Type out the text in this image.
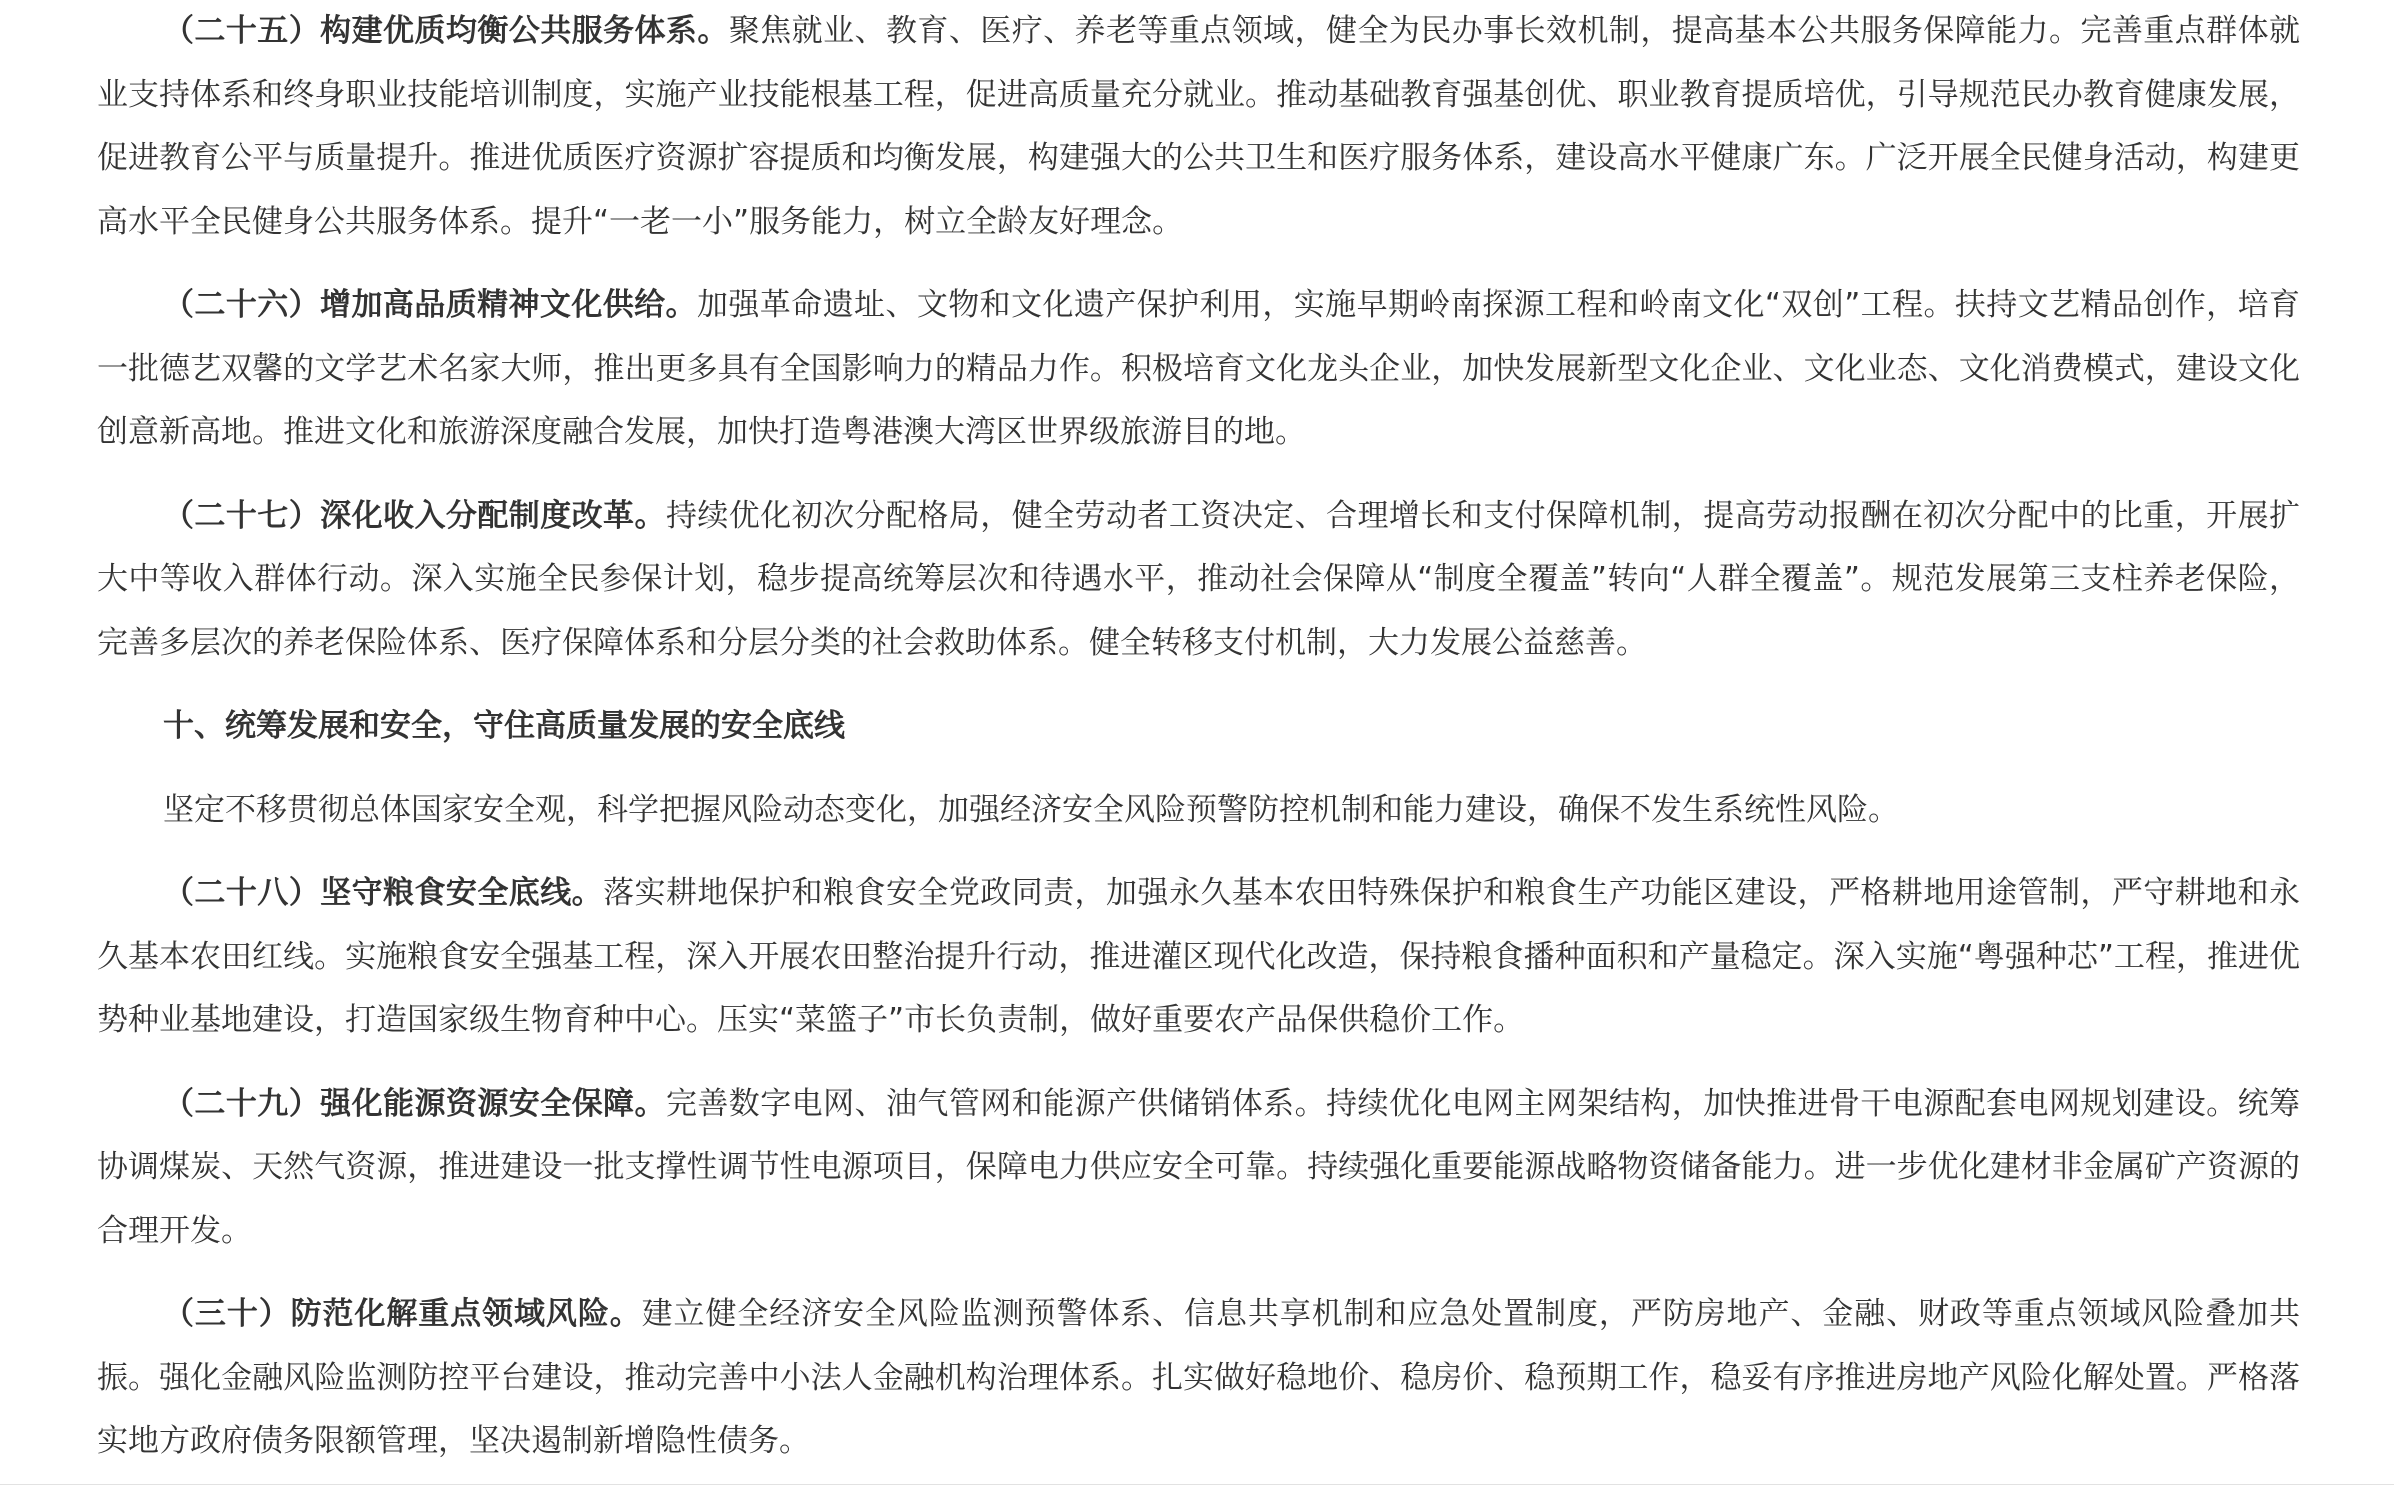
（二十五）构建优质均衡公共服务体系。聚焦就业、教育、医疗、养老等重点领域，健全为民办事长效机制，提高基本公共服务保障能力。完善重点群体就业支持体系和终身职业技能培训制度，实施产业技能根基工程，促进高质量充分就业。推动基础教育强基创优、职业教育提质培优，引导规范民办教育健康发展，促进教育公平与质量提升。推进优质医疗资源扩容提质和均衡发展，构建强大的公共卫生和医疗服务体系，建设高水平健康广东。广泛开展全民健身活动，构建更高水平全民健身公共服务体系。提升“一老一小”服务能力，树立全龄友好理念。

（二十六）增加高品质精神文化供给。加强革命遗址、文物和文化遗产保护利用，实施早期岭南探源工程和岭南文化“双创”工程。扶持文艺精品创作，培育一批德艺双馨的文学艺术名家大师，推出更多具有全国影响力的精品力作。积极培育文化龙头企业，加快发展新型文化企业、文化业态、文化消费模式，建设文化创意新高地。推进文化和旅游深度融合发展，加快打造粤港澳大湾区世界级旅游目的地。

（二十七）深化收入分配制度改革。持续优化初次分配格局，健全劳动者工资决定、合理增长和支付保障机制，提高劳动报酬在初次分配中的比重，开展扩大中等收入群体行动。深入实施全民参保计划，稳步提高统筹层次和待遇水平，推动社会保障从“制度全覆盖”转向“人群全覆盖”。规范发展第三支柱养老保险，完善多层次的养老保险体系、医疗保障体系和分层分类的社会救助体系。健全转移支付机制，大力发展公益慈善。

十、统筹发展和安全，守住高质量发展的安全底线

坚定不移贯彻总体国家安全观，科学把握风险动态变化，加强经济安全风险预警防控机制和能力建设，确保不发生系统性风险。

（二十八）坚守粮食安全底线。落实耕地保护和粮食安全党政同责，加强永久基本农田特殊保护和粮食生产功能区建设，严格耕地用途管制，严守耕地和永久基本农田红线。实施粮食安全强基工程，深入开展农田整治提升行动，推进灌区现代化改造，保持粮食播种面积和产量稳定。深入实施“粤强种芯”工程，推进优势种业基地建设，打造国家级生物育种中心。压实“菜篮子”市长负责制，做好重要农产品保供稳价工作。

（二十九）强化能源资源安全保障。完善数字电网、油气管网和能源产供储销体系。持续优化电网主网架结构，加快推进骨干电源配套电网规划建设。统筹协调煤炭、天然气资源，推进建设一批支撑性调节性电源项目，保障电力供应安全可靠。持续强化重要能源战略物资储备能力。进一步优化建材非金属矿产资源的合理开发。

（三十）防范化解重点领域风险。建立健全经济安全风险监测预警体系、信息共享机制和应急处置制度，严防房地产、金融、财政等重点领域风险叠加共振。强化金融风险监测防控平台建设，推动完善中小法人金融机构治理体系。扎实做好稳地价、稳房价、稳预期工作，稳妥有序推进房地产风险化解处置。严格落实地方政府债务限额管理，坚决遏制新增隐性债务。
